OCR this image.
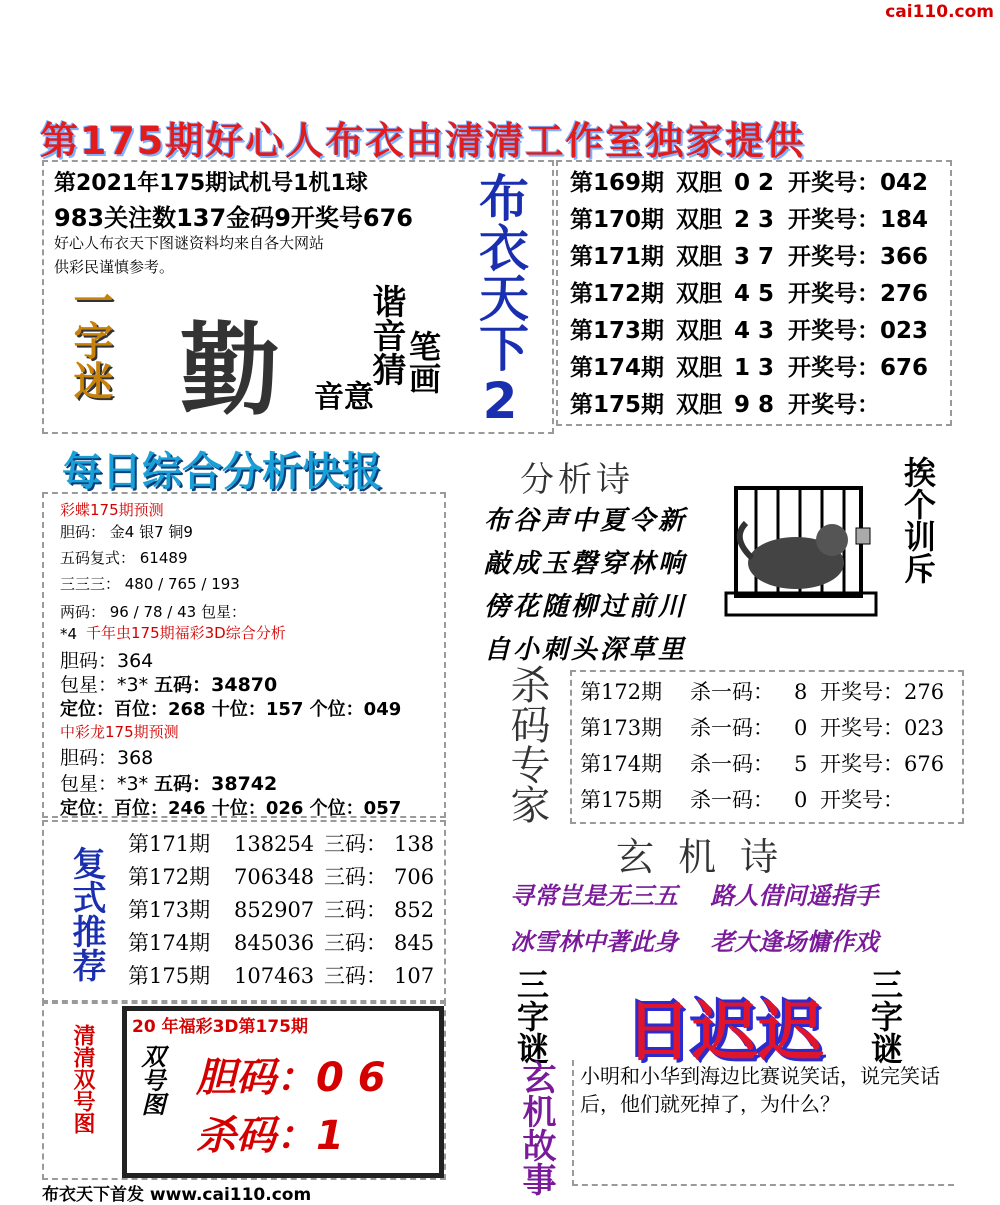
cai110.com
第175期好心人布衣由清清工作室独家提供
第2021年175期试机号1机1球
983关注数137金码9开奖号676
好心人布衣天下图谜资料均来自各大网站
供彩民谨慎参考。
一字迷 勤	谐音猜
笔画
音意 布衣天下2
每日综合分析快报
彩蝶175期预测
胆码： 金4 银7 铜9
五码复式： 61489
三三三： 480 / 765 / 193
两码： 96 / 78 / 43 包星：
*4 千年虫175期福彩3D综合分析
胆码：364
包星：*3* 五码：34870
定位：百位：268 十位：157 个位：049
中彩龙175期预测
胆码：368
包星：*3* 五码：38742
定位：百位：246 十位：026 个位：057
第169期 双胆 0 2 开奖号：042
第170期 双胆 2 3 开奖号：184
第171期 双胆 3 7 开奖号：366
第172期 双胆 4 5 开奖号：276
第173期 双胆 4 3 开奖号：023
第174期 双胆 1 3 开奖号：676
第175期 双胆 9 8 开奖号：
分析诗
布谷声中夏令新
敲成玉磬穿林响
傍花随柳过前川
自小刺头深草里
挨个训斥
杀码专家 第172期 杀一码： 8 开奖号：276
第173期 杀一码： 0 开奖号：023
第174期 杀一码： 5 开奖号：676
第175期 杀一码： 0 开奖号：
复式推荐
第171期 138254 三码： 138
第172期 706348 三码： 706
第173期 852907 三码： 852
第174期 845036 三码： 845
第175期 107463 三码： 107
玄 机 诗
寻常岂是无三五　 路人借问遥指手
冰雪林中著此身　 老大逢场慵作戏
清清双号图 20 年福彩3D第175期
双号图 胆码：0 6
杀码：1
三字谜 日迟迟 三字谜
玄机故事 小明和小华到海边比赛说笑话，说完笑话后，他们就死掉了，为什么？
布衣天下首发 www.cai110.com
